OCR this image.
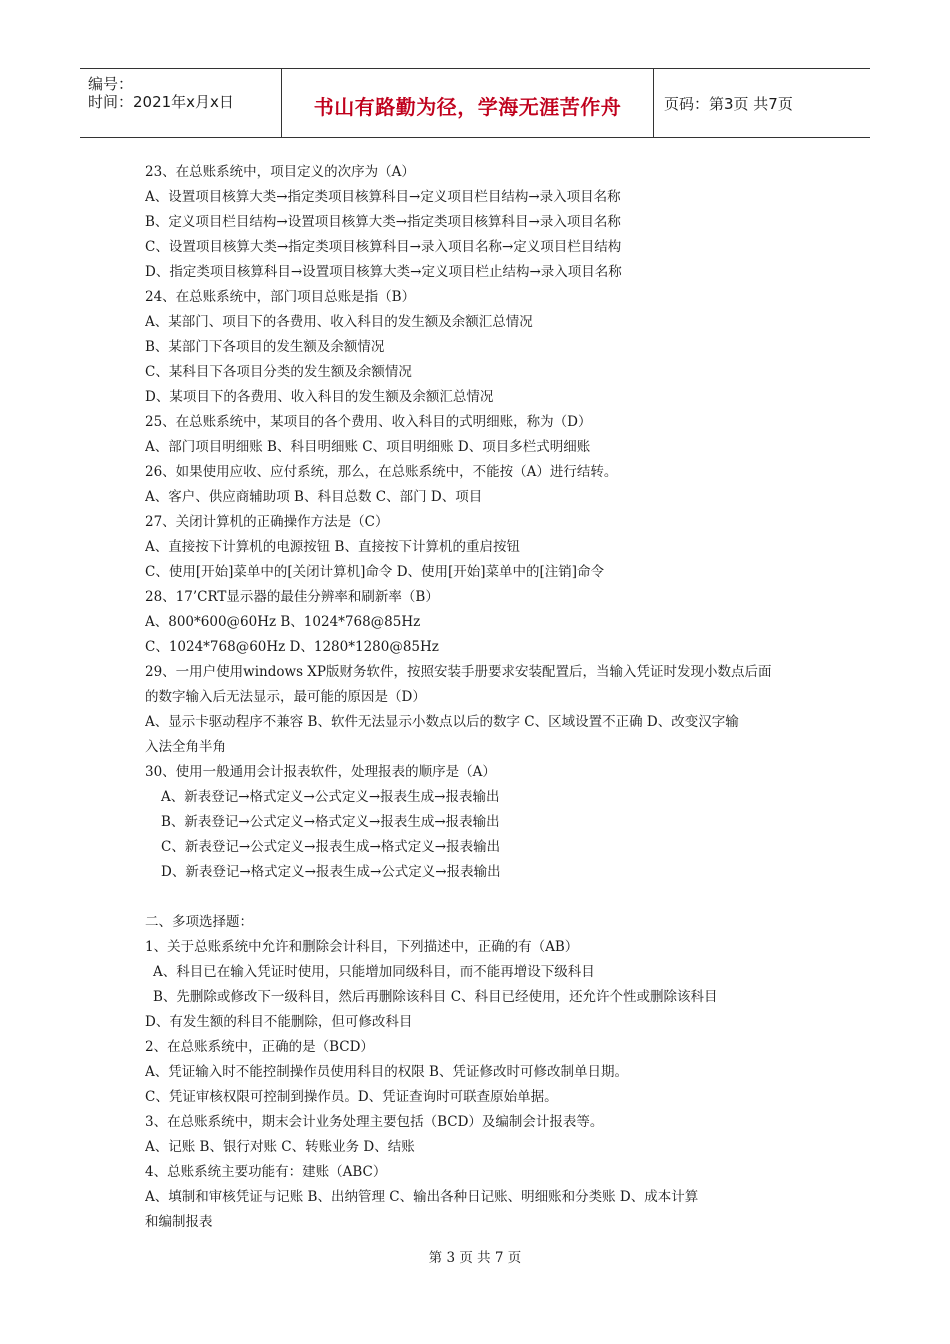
编号：
时间：2021年x月x日	书山有路勤为径，学海无涯苦作舟	页码：第3页 共7页
23、在总账系统中，项目定义的次序为（A）
A、设置项目核算大类→指定类项目核算科目→定义项目栏目结构→录入项目名称
B、定义项目栏目结构→设置项目核算大类→指定类项目核算科目→录入项目名称
C、设置项目核算大类→指定类项目核算科目→录入项目名称→定义项目栏目结构
D、指定类项目核算科目→设置项目核算大类→定义项目栏止结构→录入项目名称
24、在总账系统中，部门项目总账是指（B）
A、某部门、项目下的各费用、收入科目的发生额及余额汇总情况
B、某部门下各项目的发生额及余额情况
C、某科目下各项目分类的发生额及余额情况
D、某项目下的各费用、收入科目的发生额及余额汇总情况
25、在总账系统中，某项目的各个费用、收入科目的式明细账，称为（D）
A、部门项目明细账 B、科目明细账 C、项目明细账 D、项目多栏式明细账
26、如果使用应收、应付系统，那么，在总账系统中，不能按（A）进行结转。
A、客户、供应商辅助项 B、科目总数 C、部门 D、项目
27、关闭计算机的正确操作方法是（C）
A、直接按下计算机的电源按钮 B、直接按下计算机的重启按钮
C、使用[开始]菜单中的[关闭计算机]命令 D、使用[开始]菜单中的[注销]命令
28、17’CRT显示器的最佳分辨率和刷新率（B）
A、800*600@60Hz B、1024*768@85Hz
C、1024*768@60Hz D、1280*1280@85Hz
29、一用户使用windows XP版财务软件，按照安装手册要求安装配置后，当输入凭证时发现小数点后面
的数字输入后无法显示，最可能的原因是（D）
A、显示卡驱动程序不兼容 B、软件无法显示小数点以后的数字 C、区域设置不正确 D、改变汉字输
入法全角半角
30、使用一般通用会计报表软件，处理报表的顺序是（A）
A、新表登记→格式定义→公式定义→报表生成→报表输出
B、新表登记→公式定义→格式定义→报表生成→报表输出
C、新表登记→公式定义→报表生成→格式定义→报表输出
D、新表登记→格式定义→报表生成→公式定义→报表输出
二、多项选择题：
1、关于总账系统中允许和删除会计科目，下列描述中，正确的有（AB）
A、科目已在输入凭证时使用，只能增加同级科目，而不能再增设下级科目
B、先删除或修改下一级科目，然后再删除该科目 C、科目已经使用，还允许个性或删除该科目
D、有发生额的科目不能删除，但可修改科目
2、在总账系统中，正确的是（BCD）
A、凭证输入时不能控制操作员使用科目的权限 B、凭证修改时可修改制单日期。
C、凭证审核权限可控制到操作员。D、凭证查询时可联查原始单据。
3、在总账系统中，期末会计业务处理主要包括（BCD）及编制会计报表等。
A、记账 B、银行对账 C、转账业务 D、结账
4、总账系统主要功能有：建账（ABC）
A、填制和审核凭证与记账 B、出纳管理 C、输出各种日记账、明细账和分类账 D、成本计算
和编制报表
第 3 页 共 7 页
